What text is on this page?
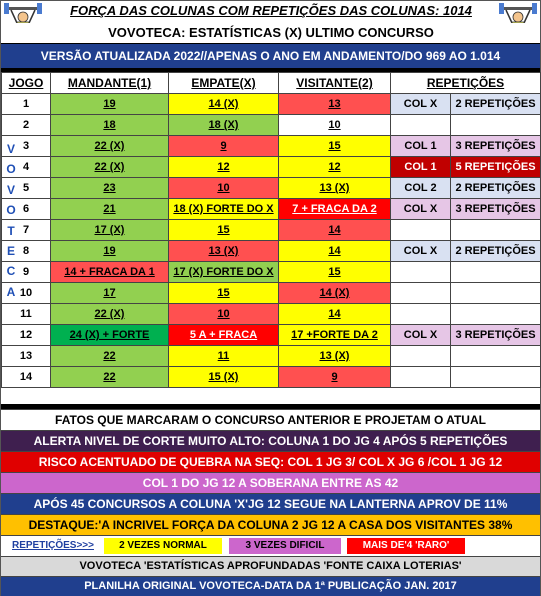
FORÇA DAS COLUNAS COM REPETIÇÕES DAS COLUNAS: 1014
VOVOTECA: ESTATÍSTICAS (X) ULTIMO CONCURSO
VERSÃO ATUALIZADA 2022//APENAS O ANO EM ANDAMENTO/DO 969 AO 1.014
JOGO	MANDANTE(1)	EMPATE(X)	VISITANTE(2)	REPETIÇÕES	
1	19	14 (X)	13	COL X	2 REPETIÇÕES
2	18	18 (X)	10		
3	22 (X)	9	15	COL 1	3 REPETIÇÕES
4	22 (X)	12	12	COL 1	5 REPETIÇÕES
5	23	10	13 (X)	COL 2	2 REPETIÇÕES
6	21	18 (X) FORTE DO X	7 + FRACA DA 2	COL X	3 REPETIÇÕES
7	17 (X)	15	14		
8	19	13 (X)	14	COL X	2 REPETIÇÕES
9	14 + FRACA DA 1	17 (X) FORTE DO X	15		
10	17	15	14 (X)		
11	22 (X)	10	14		
12	24 (X) + FORTE	5 A + FRACA	17 +FORTE DA 2	COL X	3 REPETIÇÕES
13	22	11	13 (X)		
14	22	15 (X)	9		
V
O
V
O
T
E
C
A
FATOS QUE MARCARAM O CONCURSO ANTERIOR E PROJETAM O ATUAL
ALERTA NIVEL DE CORTE MUITO ALTO: COLUNA 1 DO JG 4 APÓS 5 REPETIÇÕES
RISCO ACENTUADO DE QUEBRA NA SEQ: COL 1 JG 3/ COL X JG 6 /COL 1 JG 12
COL 1 DO JG 12 A SOBERANA ENTRE AS 42
APÓS 45 CONCURSOS A COLUNA 'X'JG 12 SEGUE NA LANTERNA APROV DE 11%
DESTAQUE:'A INCRIVEL FORÇA DA COLUNA 2 JG 12 A CASA DOS VISITANTES 38%
REPETIÇÕES>>>	2 VEZES NORMAL	3 VEZES DIFICIL	MAIS DE'4 'RARO'
VOVOTECA 'ESTATÍSTICAS APROFUNDADAS 'FONTE CAIXA LOTERIAS'
PLANILHA ORIGINAL VOVOTECA-DATA DA 1ª PUBLICAÇÃO JAN. 2017
